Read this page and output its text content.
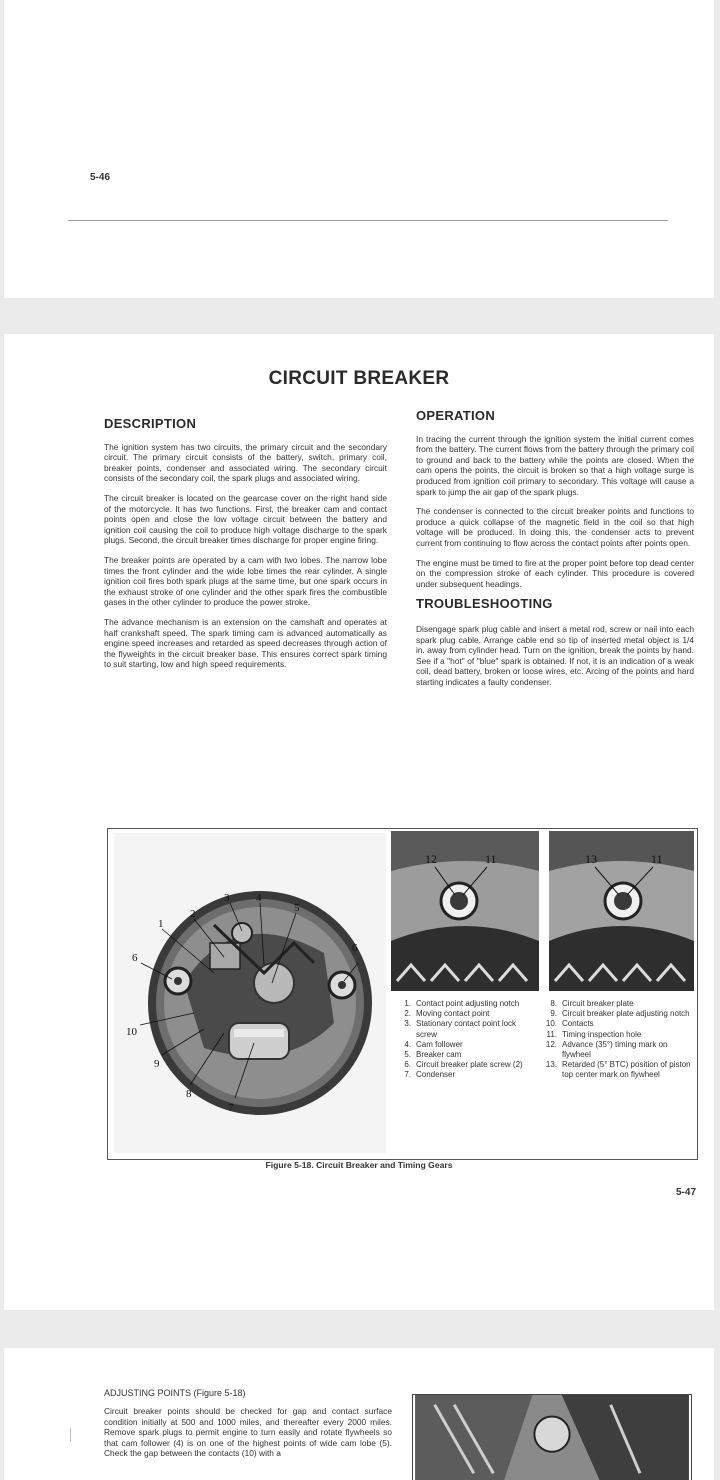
5-46
CIRCUIT BREAKER
DESCRIPTION

The ignition system has two circuits, the primary circuit and the secondary circuit. The primary circuit consists of the battery, switch, primary coil, breaker points, condenser and associated wiring. The secondary circuit consists of the secondary coil, the spark plugs and associated wiring.

The circuit breaker is located on the gearcase cover on the right hand side of the motorcycle. It has two functions. First, the breaker cam and contact points open and close the low voltage circuit between the battery and ignition coil causing the coil to produce high voltage discharge to the spark plugs. Second, the circuit breaker times discharge for proper engine firing.

The breaker points are operated by a cam with two lobes. The narrow lobe times the front cylinder and the wide lobe times the rear cylinder. A single ignition coil fires both spark plugs at the same time, but one spark occurs in the exhaust stroke of one cylinder and the other spark fires the combustible gases in the other cylinder to produce the power stroke.

The advance mechanism is an extension on the camshaft and operates at half crankshaft speed. The spark timing cam is advanced automatically as engine speed increases and retarded as speed decreases through action of the flyweights in the circuit breaker base. This ensures correct spark timing to suit starting, low and high speed requirements.

OPERATION

In tracing the current through the ignition system the initial current comes from the battery. The current flows from the battery through the primary coil to ground and back to the battery while the points are closed. When the cam opens the points, the circuit is broken so that a high voltage surge is produced from ignition coil primary to secondary. This voltage will cause a spark to jump the air gap of the spark plugs.

The condenser is connected to the circuit breaker points and functions to produce a quick collapse of the magnetic field in the coil so that high voltage will be produced. In doing this, the condenser acts to prevent current from continuing to flow across the contact points after points open.

The engine must be timed to fire at the proper point before top dead center on the compression stroke of each cylinder. This procedure is covered under subsequent headings.

TROUBLESHOOTING

Disengage spark plug cable and insert a metal rod, screw or nail into each spark plug cable. Arrange cable end so tip of inserted metal object is 1/4 in. away from cylinder head. Turn on the ignition, break the points by hand. See if a "hot" of "blue" spark is obtained. If not, it is an indication of a weak coil, dead battery, broken or loose wires, etc. Arcing of the points and hard starting indicates a faulty condenser.

1
2
3 4
5
6
6
7
8
9
10
12	11	13	11
1. Contact point adjusting notch
2. Moving contact point
3. Stationary contact point lock screw
4. Cam follower
5. Breaker cam
6. Circuit breaker plate screw (2)
7. Condenser
8. Circuit breaker plate
9. Circuit breaker plate adjusting notch
10. Contacts
11. Timing inspection hole
12. Advance (35°) timing mark on flywheel
13. Retarded (5° BTC) position of piston top center mark on flywheel
Figure 5-18. Circuit Breaker and Timing Gears
5-47
ADJUSTING POINTS (Figure 5-18)
Circuit breaker points should be checked for gap and contact surface condition initially at 500 and 1000 miles, and thereafter every 2000 miles. Remove spark plugs to permit engine to turn easily and rotate flywheels so that cam follower (4) is on one of the highest points of wide cam lobe (5). Check the gap between the contacts (10) with a
